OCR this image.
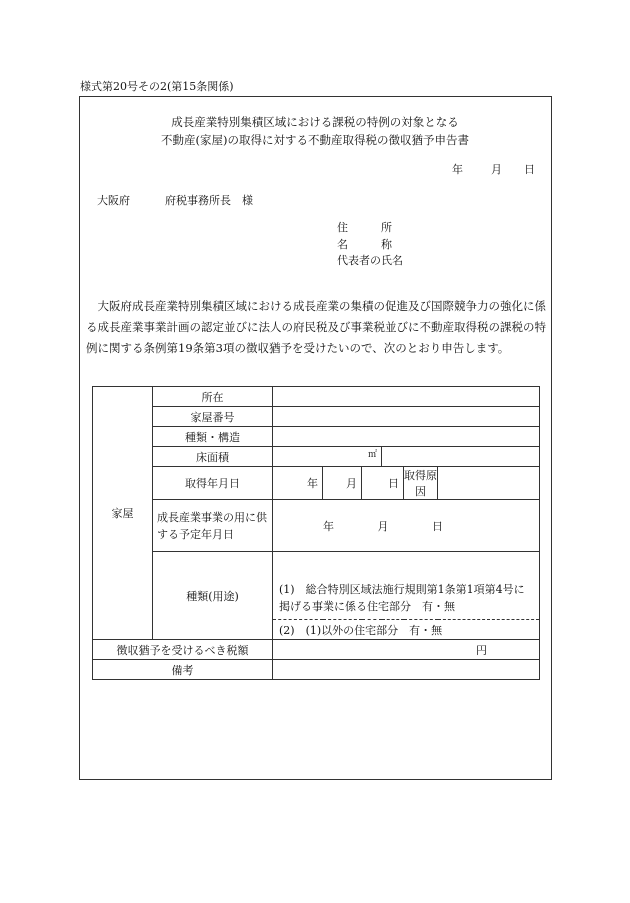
様式第20号その2(第15条関係)
成長産業特別集積区域における課税の特例の対象となる
不動産(家屋)の取得に対する不動産取得税の徴収猶予申告書
年	月 日
大阪府	府税事務所長　様
住　　　所
名　　　称
代表者の氏名

大阪府成長産業特別集積区域における成長産業の集積の促進及び国際競争力の強化に係る成長産業事業計画の認定並びに法人の府民税及び事業税並びに不動産取得税の課税の特例に関する条例第19条第3項の徴収猶予を受けたいので、次のとおり申告します。

家屋	所在						
	家屋番号						
	種類・構造						
	床面積	㎡					
	取得年月日	年	月	日		取得原因	
	成長産業事業の用に供する予定年月日	年 月 日					
	種類(用途)	(1)　総合特別区域法施行規則第1条第1項第4号に掲げる事業に係る住宅部分　有・無					
		(2)　(1)以外の住宅部分　有・無					
徴収猶予を受けるべき税額		円					
備考							
